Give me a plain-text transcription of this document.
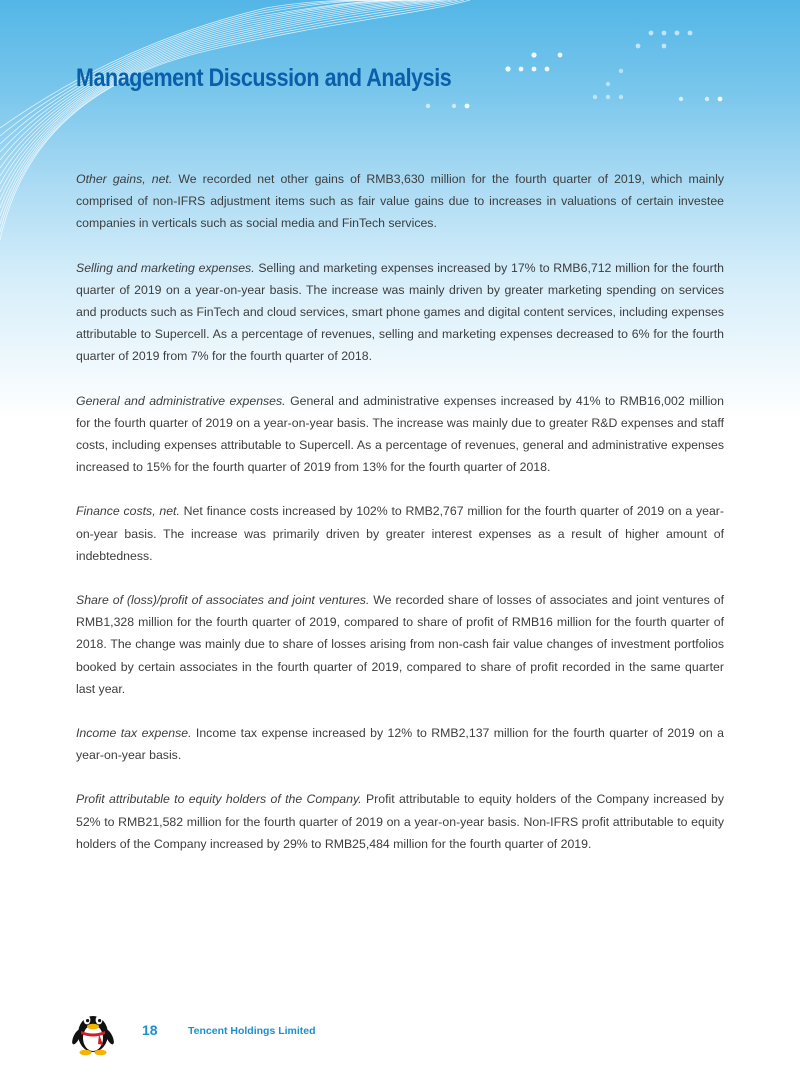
Management Discussion and Analysis

Other gains, net. We recorded net other gains of RMB3,630 million for the fourth quarter of 2019, which mainly comprised of non-IFRS adjustment items such as fair value gains due to increases in valuations of certain investee companies in verticals such as social media and FinTech services.

Selling and marketing expenses. Selling and marketing expenses increased by 17% to RMB6,712 million for the fourth quarter of 2019 on a year-on-year basis. The increase was mainly driven by greater marketing spending on services and products such as FinTech and cloud services, smart phone games and digital content services, including expenses attributable to Supercell. As a percentage of revenues, selling and marketing expenses decreased to 6% for the fourth quarter of 2019 from 7% for the fourth quarter of 2018.

General and administrative expenses. General and administrative expenses increased by 41% to RMB16,002 million for the fourth quarter of 2019 on a year-on-year basis. The increase was mainly due to greater R&D expenses and staff costs, including expenses attributable to Supercell. As a percentage of revenues, general and administrative expenses increased to 15% for the fourth quarter of 2019 from 13% for the fourth quarter of 2018.

Finance costs, net. Net finance costs increased by 102% to RMB2,767 million for the fourth quarter of 2019 on a year-on-year basis. The increase was primarily driven by greater interest expenses as a result of higher amount of indebtedness.

Share of (loss)/profit of associates and joint ventures. We recorded share of losses of associates and joint ventures of RMB1,328 million for the fourth quarter of 2019, compared to share of profit of RMB16 million for the fourth quarter of 2018. The change was mainly due to share of losses arising from non-cash fair value changes of investment portfolios booked by certain associates in the fourth quarter of 2019, compared to share of profit recorded in the same quarter last year.

Income tax expense. Income tax expense increased by 12% to RMB2,137 million for the fourth quarter of 2019 on a year-on-year basis.

Profit attributable to equity holders of the Company. Profit attributable to equity holders of the Company increased by 52% to RMB21,582 million for the fourth quarter of 2019 on a year-on-year basis. Non-IFRS profit attributable to equity holders of the Company increased by 29% to RMB25,484 million for the fourth quarter of 2019.

18	Tencent Holdings Limited
